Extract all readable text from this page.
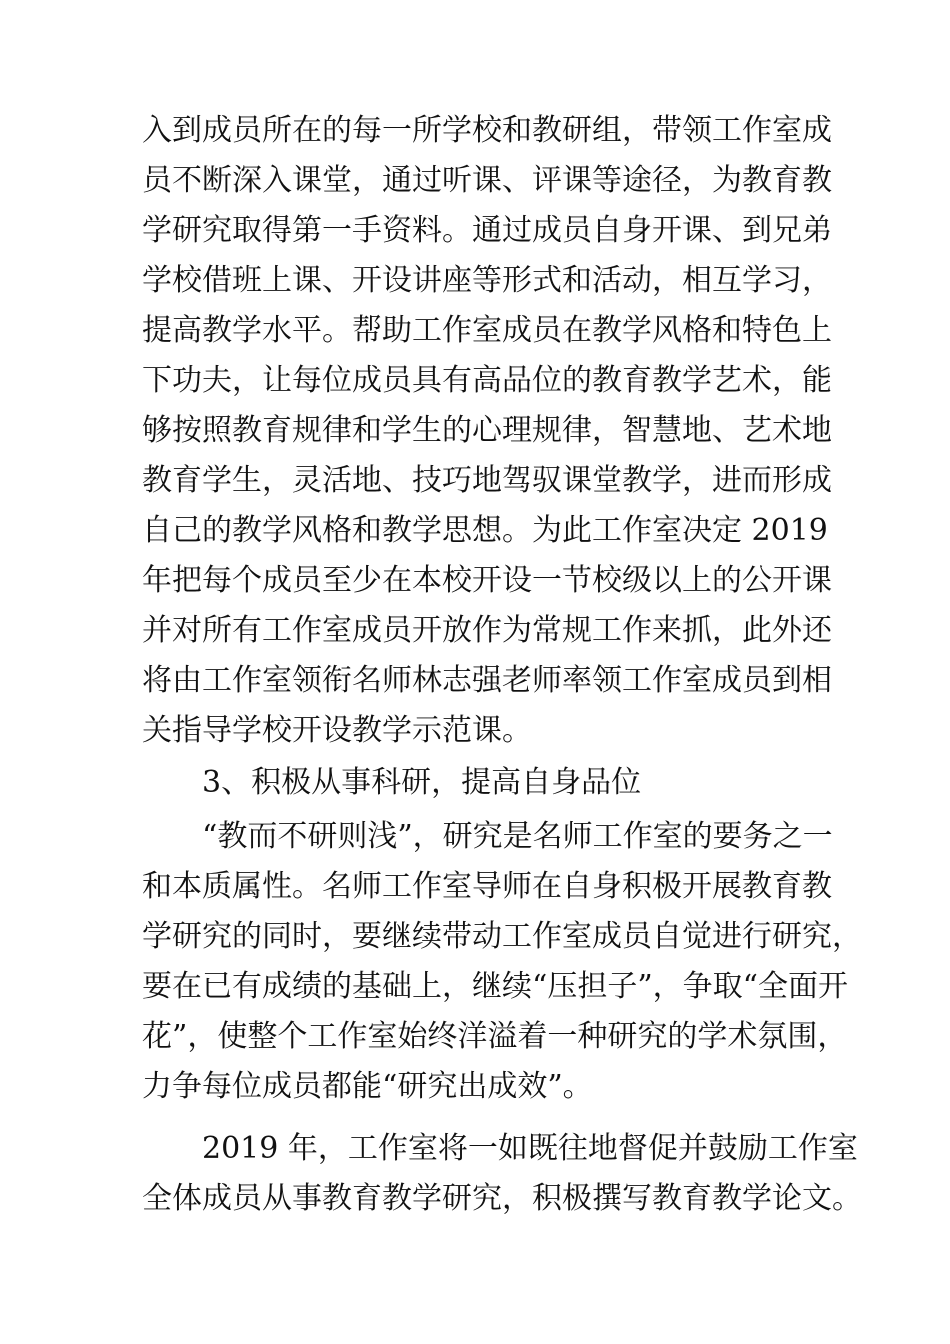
入到成员所在的每一所学校和教研组，带领工作室成
员不断深入课堂，通过听课、评课等途径，为教育教
学研究取得第一手资料。通过成员自身开课、到兄弟
学校借班上课、开设讲座等形式和活动，相互学习，
提高教学水平。帮助工作室成员在教学风格和特色上
下功夫，让每位成员具有高品位的教育教学艺术，能
够按照教育规律和学生的心理规律，智慧地、艺术地
教育学生，灵活地、技巧地驾驭课堂教学，进而形成
自己的教学风格和教学思想。为此工作室决定 2019
年把每个成员至少在本校开设一节校级以上的公开课
并对所有工作室成员开放作为常规工作来抓，此外还
将由工作室领衔名师林志强老师率领工作室成员到相
关指导学校开设教学示范课。
3、积极从事科研，提高自身品位
“教而不研则浅”，研究是名师工作室的要务之一
和本质属性。名师工作室导师在自身积极开展教育教
学研究的同时，要继续带动工作室成员自觉进行研究，
要在已有成绩的基础上，继续“压担子”，争取“全面开
花”，使整个工作室始终洋溢着一种研究的学术氛围，
力争每位成员都能“研究出成效”。
2019 年，工作室将一如既往地督促并鼓励工作室
全体成员从事教育教学研究，积极撰写教育教学论文。
